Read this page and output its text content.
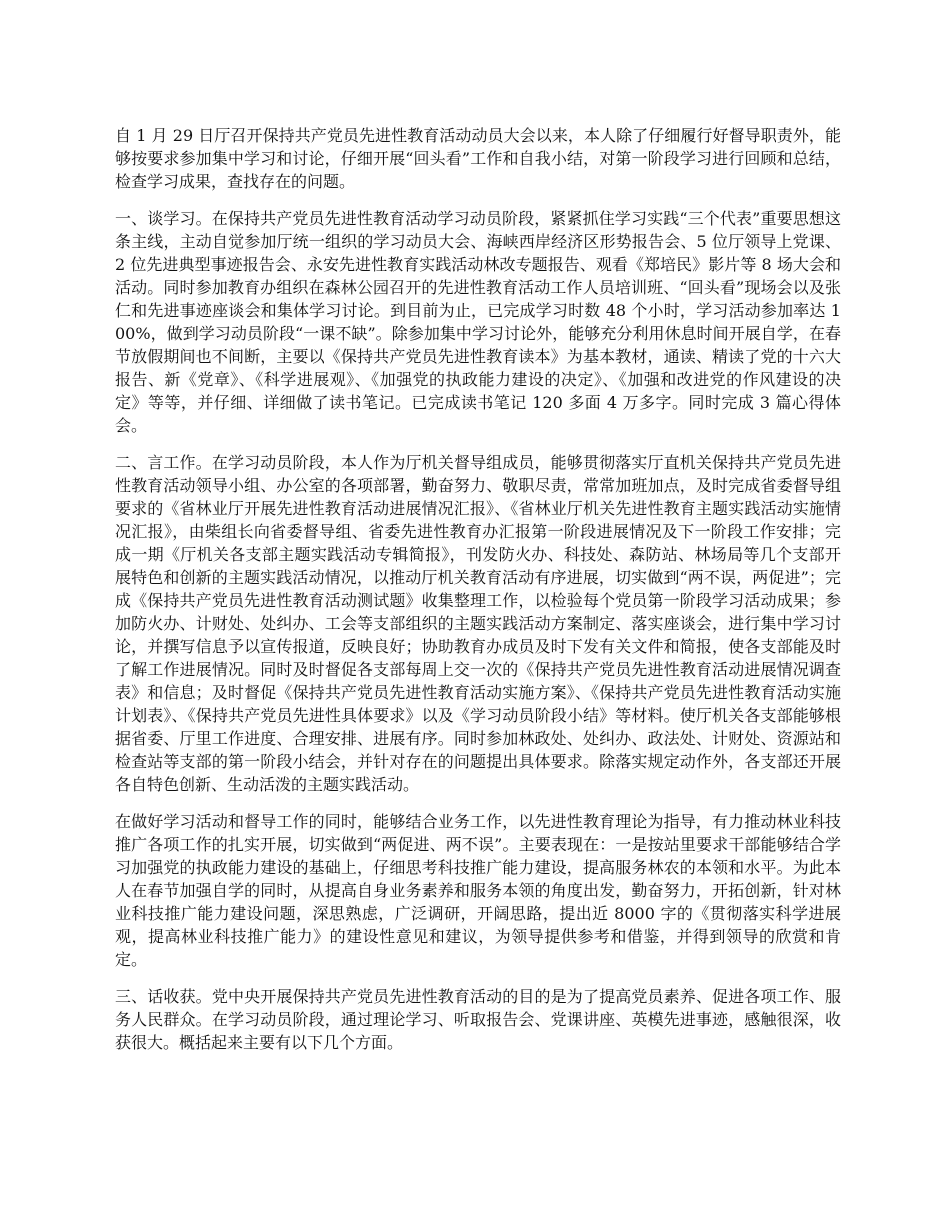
自 1 月 29 日厅召开保持共产党员先进性教育活动动员大会以来，本人除了仔细履行好督导职责外，能够按要求参加集中学习和讨论，仔细开展“回头看”工作和自我小结，对第一阶段学习进行回顾和总结，检查学习成果，查找存在的问题。

一、谈学习。在保持共产党员先进性教育活动学习动员阶段，紧紧抓住学习实践“三个代表”重要思想这条主线，主动自觉参加厅统一组织的学习动员大会、海峡西岸经济区形势报告会、5 位厅领导上党课、2 位先进典型事迹报告会、永安先进性教育实践活动林改专题报告、观看《郑培民》影片等 8 场大会和活动。同时参加教育办组织在森林公园召开的先进性教育活动工作人员培训班、“回头看”现场会以及张仁和先进事迹座谈会和集体学习讨论。到目前为止，已完成学习时数 48 个小时，学习活动参加率达 100%，做到学习动员阶段“一课不缺”。除参加集中学习讨论外，能够充分利用休息时间开展自学，在春节放假期间也不间断，主要以《保持共产党员先进性教育读本》为基本教材，通读、精读了党的十六大报告、新《党章》、《科学进展观》、《加强党的执政能力建设的决定》、《加强和改进党的作风建设的决定》等等，并仔细、详细做了读书笔记。已完成读书笔记 120 多面 4 万多字。同时完成 3 篇心得体会。

二、言工作。在学习动员阶段，本人作为厅机关督导组成员，能够贯彻落实厅直机关保持共产党员先进性教育活动领导小组、办公室的各项部署，勤奋努力、敬职尽责，常常加班加点，及时完成省委督导组要求的《省林业厅开展先进性教育活动进展情况汇报》、《省林业厅机关先进性教育主题实践活动实施情况汇报》，由柴组长向省委督导组、省委先进性教育办汇报第一阶段进展情况及下一阶段工作安排；完成一期《厅机关各支部主题实践活动专辑简报》，刊发防火办、科技处、森防站、林场局等几个支部开展特色和创新的主题实践活动情况，以推动厅机关教育活动有序进展，切实做到“两不误，两促进”；完成《保持共产党员先进性教育活动测试题》收集整理工作，以检验每个党员第一阶段学习活动成果；参加防火办、计财处、处纠办、工会等支部组织的主题实践活动方案制定、落实座谈会，进行集中学习讨论，并撰写信息予以宣传报道，反映良好；协助教育办成员及时下发有关文件和简报，使各支部能及时了解工作进展情况。同时及时督促各支部每周上交一次的《保持共产党员先进性教育活动进展情况调查表》和信息；及时督促《保持共产党员先进性教育活动实施方案》、《保持共产党员先进性教育活动实施计划表》、《保持共产党员先进性具体要求》以及《学习动员阶段小结》等材料。使厅机关各支部能够根据省委、厅里工作进度、合理安排、进展有序。同时参加林政处、处纠办、政法处、计财处、资源站和检查站等支部的第一阶段小结会，并针对存在的问题提出具体要求。除落实规定动作外，各支部还开展各自特色创新、生动活泼的主题实践活动。

在做好学习活动和督导工作的同时，能够结合业务工作，以先进性教育理论为指导，有力推动林业科技推广各项工作的扎实开展，切实做到“两促进、两不误”。主要表现在：一是按站里要求干部能够结合学习加强党的执政能力建设的基础上，仔细思考科技推广能力建设，提高服务林农的本领和水平。为此本人在春节加强自学的同时，从提高自身业务素养和服务本领的角度出发，勤奋努力，开拓创新，针对林业科技推广能力建设问题，深思熟虑，广泛调研，开阔思路，提出近 8000 字的《贯彻落实科学进展观，提高林业科技推广能力》的建设性意见和建议，为领导提供参考和借鉴，并得到领导的欣赏和肯定。

三、话收获。党中央开展保持共产党员先进性教育活动的目的是为了提高党员素养、促进各项工作、服务人民群众。在学习动员阶段，通过理论学习、听取报告会、党课讲座、英模先进事迹，感触很深，收获很大。概括起来主要有以下几个方面。
